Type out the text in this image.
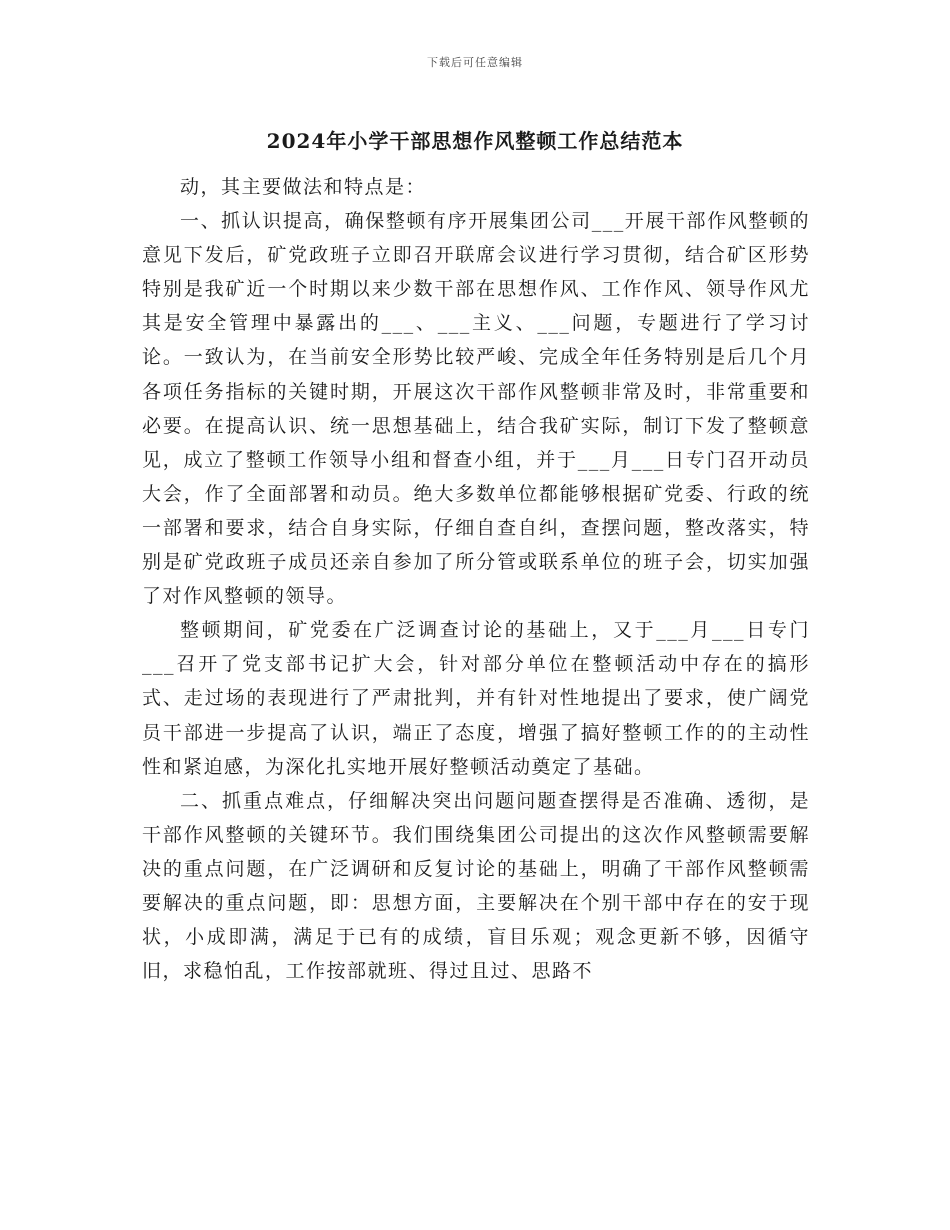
下载后可任意编辑
2024年小学干部思想作风整顿工作总结范本

动，其主要做法和特点是：

一、抓认识提高，确保整顿有序开展集团公司___开展干部作风整顿的意见下发后，矿党政班子立即召开联席会议进行学习贯彻，结合矿区形势特别是我矿近一个时期以来少数干部在思想作风、工作作风、领导作风尤其是安全管理中暴露出的___、___主义、___问题，专题进行了学习讨论。一致认为，在当前安全形势比较严峻、完成全年任务特别是后几个月各项任务指标的关键时期，开展这次干部作风整顿非常及时，非常重要和必要。在提高认识、统一思想基础上，结合我矿实际，制订下发了整顿意见，成立了整顿工作领导小组和督查小组，并于___月___日专门召开动员大会，作了全面部署和动员。绝大多数单位都能够根据矿党委、行政的统一部署和要求，结合自身实际，仔细自查自纠，查摆问题，整改落实，特别是矿党政班子成员还亲自参加了所分管或联系单位的班子会，切实加强了对作风整顿的领导。

整顿期间，矿党委在广泛调查讨论的基础上，又于___月___日专门___召开了党支部书记扩大会，针对部分单位在整顿活动中存在的搞形式、走过场的表现进行了严肃批判，并有针对性地提出了要求，使广阔党员干部进一步提高了认识，端正了态度，增强了搞好整顿工作的的主动性性和紧迫感，为深化扎实地开展好整顿活动奠定了基础。

二、抓重点难点，仔细解决突出问题问题查摆得是否准确、透彻，是干部作风整顿的关键环节。我们围绕集团公司提出的这次作风整顿需要解决的重点问题，在广泛调研和反复讨论的基础上，明确了干部作风整顿需要解决的重点问题，即：思想方面，主要解决在个别干部中存在的安于现状，小成即满，满足于已有的成绩，盲目乐观；观念更新不够，因循守旧，求稳怕乱，工作按部就班、得过且过、思路不
